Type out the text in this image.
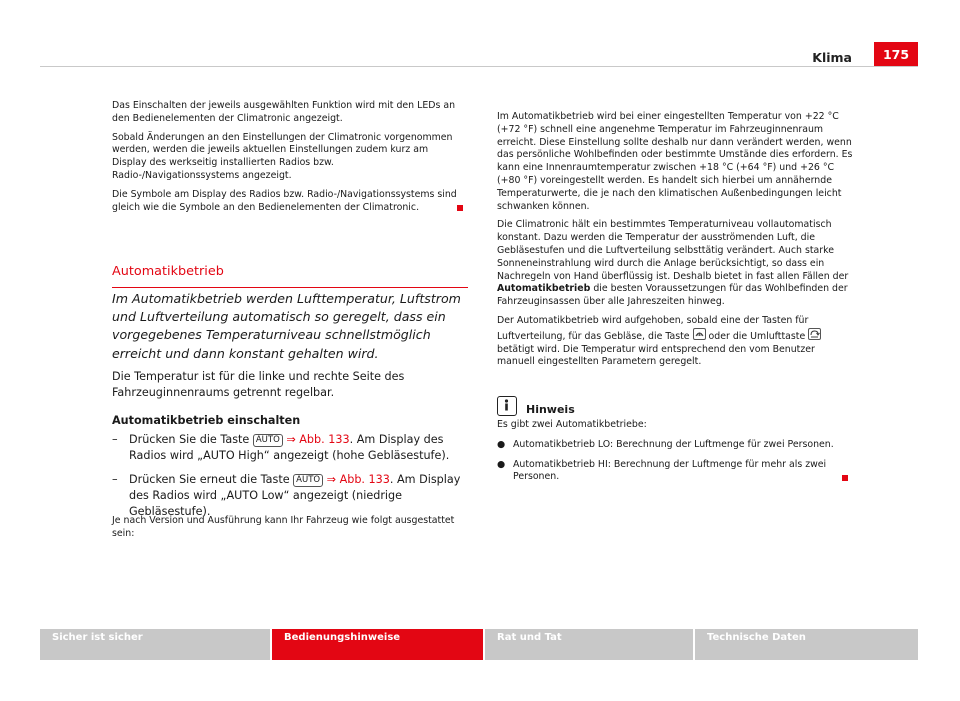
Klima	175

Das Einschalten der jeweils ausgewählten Funktion wird mit den LEDs an den Bedienelementen der Climatronic angezeigt.

Sobald Änderungen an den Einstellungen der Climatronic vorgenommen werden, werden die jeweils aktuellen Einstellungen zudem kurz am Display des werkseitig installierten Radios bzw. Radio-/Navigationssystems angezeigt.

Die Symbole am Display des Radios bzw. Radio-/Navigationssystems sind gleich wie die Symbole an den Bedienelementen der Climatronic.

Automatikbetrieb
Im Automatikbetrieb werden Lufttemperatur, Luftstrom und Luftverteilung automatisch so geregelt, dass ein vorgegebenes Temperaturniveau schnellstmöglich erreicht und dann konstant gehalten wird.
Die Temperatur ist für die linke und rechte Seite des Fahrzeuginnenraums getrennt regelbar.
Automatikbetrieb einschalten
– Drücken Sie die Taste AUTO ⇒ Abb. 133. Am Display des Radios wird „AUTO High“ angezeigt (hohe Gebläsestufe).
– Drücken Sie erneut die Taste AUTO ⇒ Abb. 133. Am Display des Radios wird „AUTO Low“ angezeigt (niedrige Gebläsestufe).
Je nach Version und Ausführung kann Ihr Fahrzeug wie folgt ausgestattet sein:

Im Automatikbetrieb wird bei einer eingestellten Temperatur von +22 °C (+72 °F) schnell eine angenehme Temperatur im Fahrzeuginnenraum erreicht. Diese Einstellung sollte deshalb nur dann verändert werden, wenn das persönliche Wohlbefinden oder bestimmte Umstände dies erfordern. Es kann eine Innenraumtemperatur zwischen +18 °C (+64 °F) und +26 °C (+80 °F) voreingestellt werden. Es handelt sich hierbei um annähernde Temperaturwerte, die je nach den klimatischen Außenbedingungen leicht schwanken können.

Die Climatronic hält ein bestimmtes Temperaturniveau vollautomatisch konstant. Dazu werden die Temperatur der ausströmenden Luft, die Gebläsestufen und die Luftverteilung selbsttätig verändert. Auch starke Sonneneinstrahlung wird durch die Anlage berücksichtigt, so dass ein Nachregeln von Hand überflüssig ist. Deshalb bietet in fast allen Fällen der Automatikbetrieb die besten Voraussetzungen für das Wohlbefinden der Fahrzeuginsassen über alle Jahreszeiten hinweg.

Der Automatikbetrieb wird aufgehoben, sobald eine der Tasten für Luftverteilung, für das Gebläse, die Taste
oder die Umlufttaste
betätigt wird. Die Temperatur wird entsprechend den vom Benutzer manuell eingestellten Parametern geregelt.

Hinweis
Es gibt zwei Automatikbetriebe:
● Automatikbetrieb LO: Berechnung der Luftmenge für zwei Personen.
● Automatikbetrieb HI: Berechnung der Luftmenge für mehr als zwei Personen.
Sicher ist sicher	Bedienungshinweise	Rat und Tat	Technische Daten
